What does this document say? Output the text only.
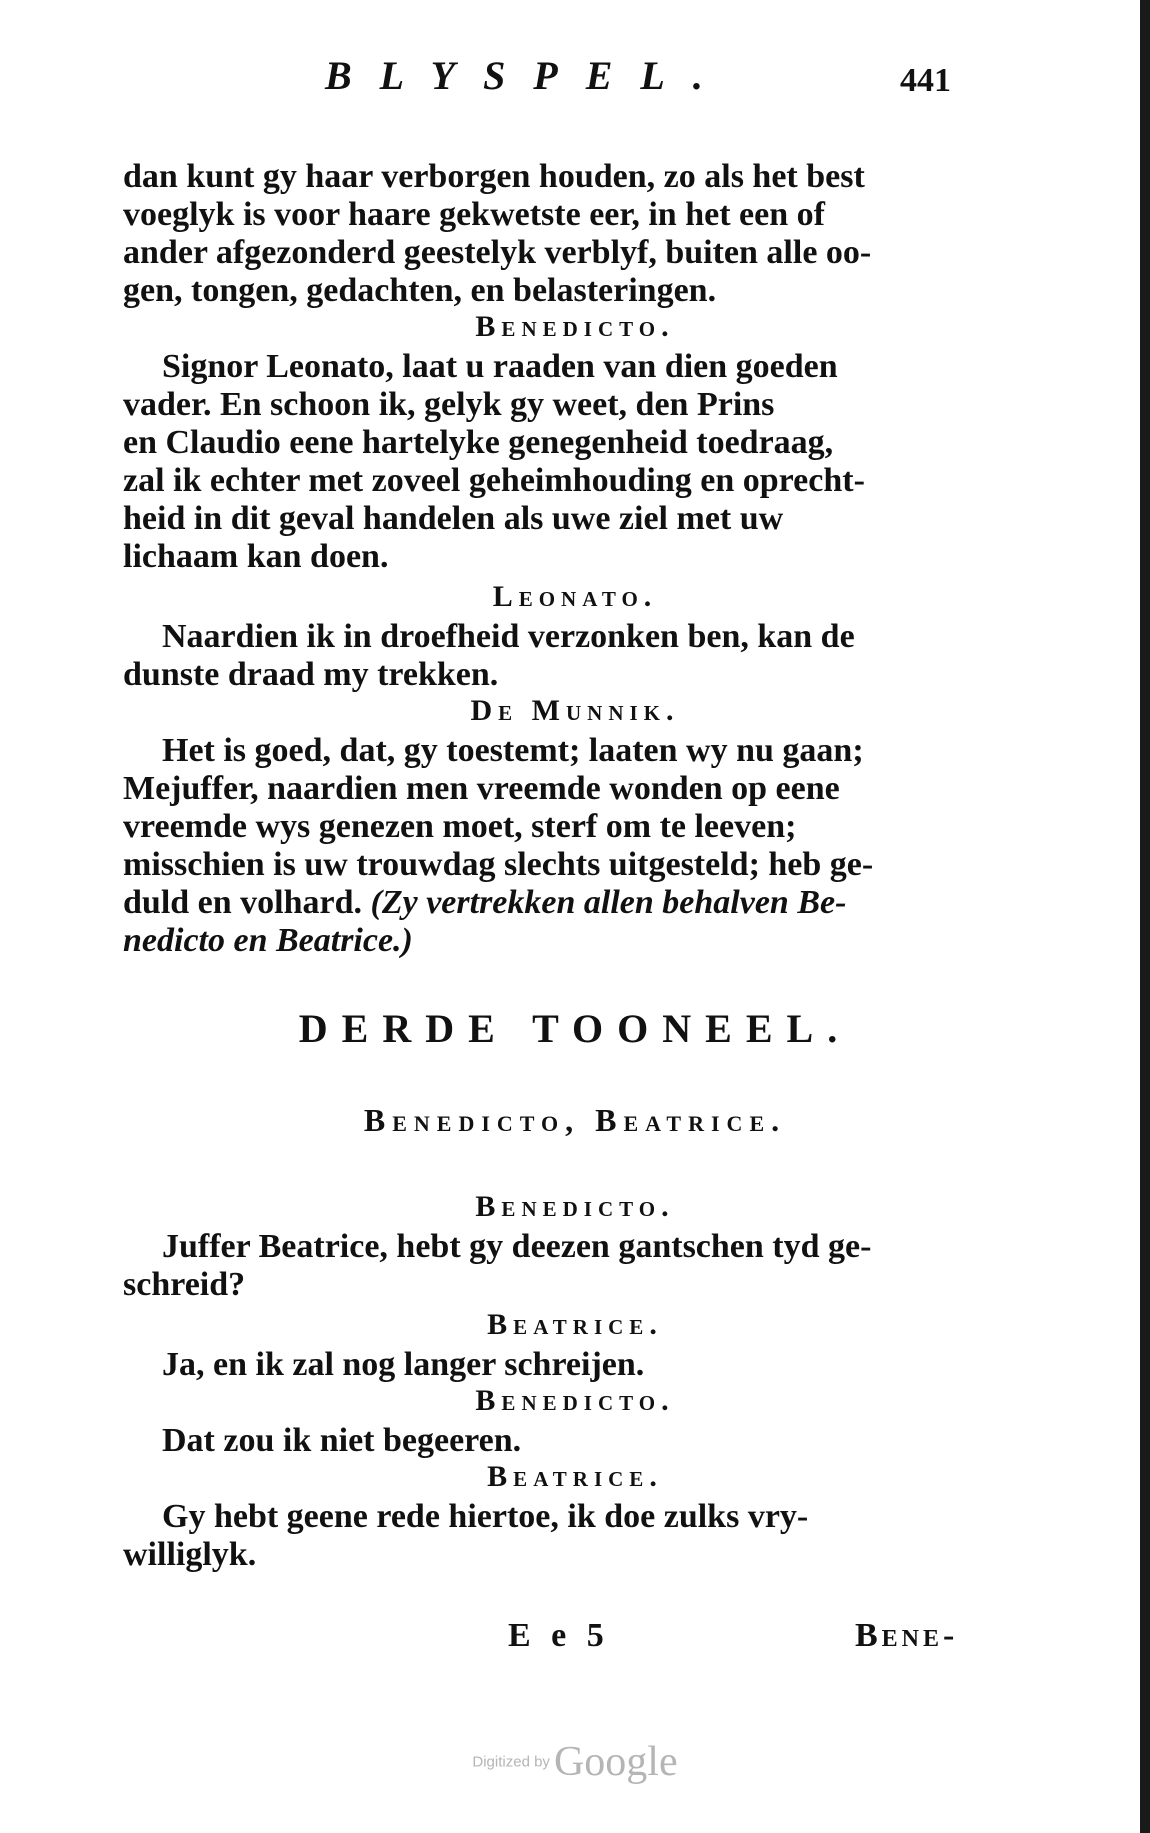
BLYSPEL.	441
dan kunt gy haar verborgen houden, zo als het best
voeglyk is voor haare gekwetste eer, in het een of
ander afgezonderd geestelyk verblyf, buiten alle oo-
gen, tongen, gedachten, en belasteringen.
Benedicto.
Signor Leonato, laat u raaden van dien goeden
vader. En schoon ik, gelyk gy weet, den Prins
en Claudio eene hartelyke genegenheid toedraag,
zal ik echter met zoveel geheimhouding en oprecht-
heid in dit geval handelen als uwe ziel met uw
lichaam kan doen.
Leonato.
Naardien ik in droefheid verzonken ben, kan de
dunste draad my trekken.
De Munnik.
Het is goed, dat, gy toestemt; laaten wy nu gaan;
Mejuffer, naardien men vreemde wonden op eene
vreemde wys genezen moet, sterf om te leeven;
misschien is uw trouwdag slechts uitgesteld; heb ge-
duld en volhard. (Zy vertrekken allen behalven Be-
nedicto en Beatrice.)
DERDE TOONEEL.
Benedicto, Beatrice.
Benedicto.
Juffer Beatrice, hebt gy deezen gantschen tyd ge-
schreid?
Beatrice.
Ja, en ik zal nog langer schreijen.
Benedicto.
Dat zou ik niet begeeren.
Beatrice.
Gy hebt geene rede hiertoe, ik doe zulks vry-
williglyk.
E e 5	Bene-
Digitized by Google
